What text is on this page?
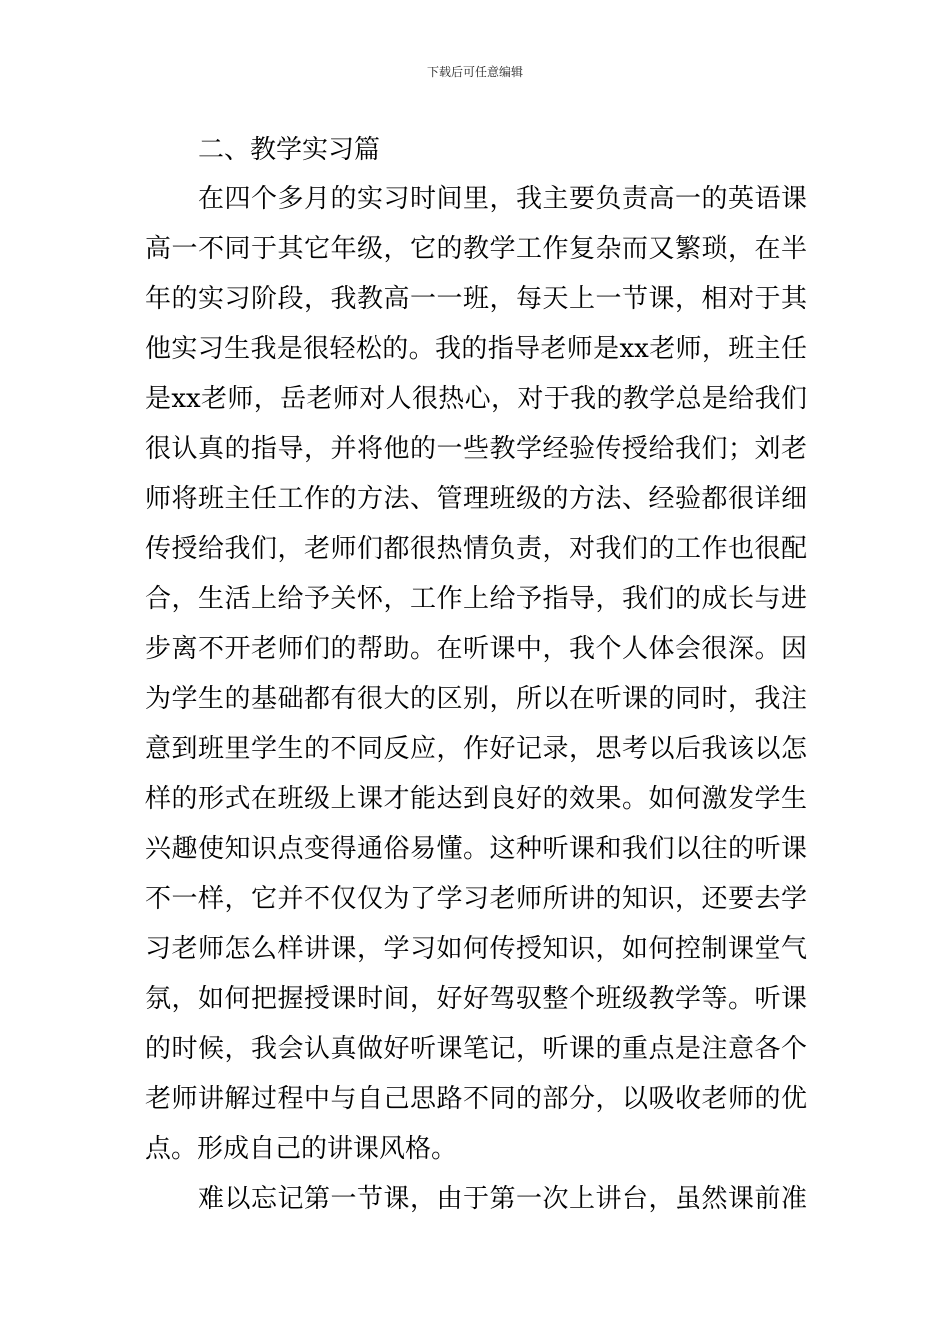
下载后可任意编辑
二、教学实习篇
在四个多月的实习时间里，我主要负责高一的英语课
高一不同于其它年级，它的教学工作复杂而又繁琐，在半
年的实习阶段，我教高一一班，每天上一节课，相对于其
他实习生我是很轻松的。我的指导老师是xx老师，班主任
是xx老师，岳老师对人很热心，对于我的教学总是给我们
很认真的指导，并将他的一些教学经验传授给我们；刘老
师将班主任工作的方法、管理班级的方法、经验都很详细
传授给我们，老师们都很热情负责，对我们的工作也很配
合，生活上给予关怀，工作上给予指导，我们的成长与进
步离不开老师们的帮助。在听课中，我个人体会很深。因
为学生的基础都有很大的区别，所以在听课的同时，我注
意到班里学生的不同反应，作好记录，思考以后我该以怎
样的形式在班级上课才能达到良好的效果。如何激发学生
兴趣使知识点变得通俗易懂。这种听课和我们以往的听课
不一样，它并不仅仅为了学习老师所讲的知识，还要去学
习老师怎么样讲课，学习如何传授知识，如何控制课堂气
氛，如何把握授课时间，好好驾驭整个班级教学等。听课
的时候，我会认真做好听课笔记，听课的重点是注意各个
老师讲解过程中与自己思路不同的部分，以吸收老师的优
点。形成自己的讲课风格。
难以忘记第一节课，由于第一次上讲台，虽然课前准
